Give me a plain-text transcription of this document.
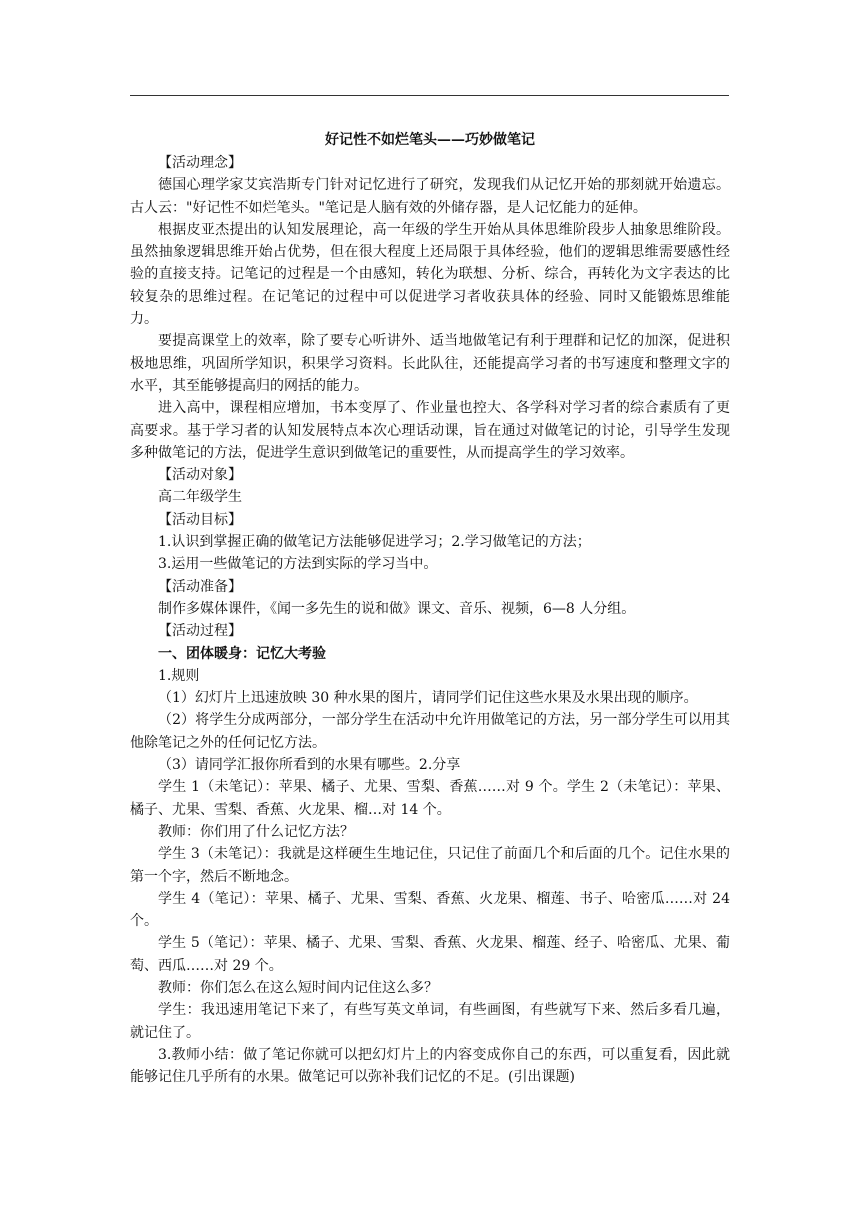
好记性不如烂笔头——巧妙做笔记

【活动理念】

德国心理学家艾宾浩斯专门针对记忆进行了研究，发现我们从记忆开始的那刻就开始遗忘。古人云："好记性不如烂笔头。"笔记是人脑有效的外储存器，是人记忆能力的延伸。

根据皮亚杰提出的认知发展理论，高一年级的学生开始从具体思维阶段步人抽象思维阶段。虽然抽象逻辑思维开始占优势，但在很大程度上还局限于具体经验，他们的逻辑思维需要感性经验的直接支持。记笔记的过程是一个由感知，转化为联想、分析、综合，再转化为文字表达的比较复杂的思维过程。在记笔记的过程中可以促进学习者收获具体的经验、同时又能锻炼思维能力。

要提高课堂上的效率，除了要专心听讲外、适当地做笔记有利于理群和记忆的加深，促进积极地思维，巩固所学知识，积果学习资料。长此队往，还能提高学习者的书写速度和整理文字的水平，其至能够提高归的网括的能力。

进入高中，课程相应增加，书本变厚了、作业量也控大、各学科对学习者的综合素质有了更高要求。基于学习者的认知发展特点本次心理话动课，旨在通过对做笔记的讨论，引导学生发现多种做笔记的方法，促进学生意识到做笔记的重要性，从而提高学生的学习效率。

【活动对象】

高二年级学生

【活动目标】

1.认识到掌握正确的做笔记方法能够促进学习；2.学习做笔记的方法；

3.运用一些做笔记的方法到实际的学习当中。

【活动准备】

制作多媒体课件，《闻一多先生的说和做》课文、音乐、视频，6—8 人分组。

【活动过程】

一、团体暖身：记忆大考验

1.规则

（1）幻灯片上迅速放映 30 种水果的图片，请同学们记住这些水果及水果出现的顺序。

（2）将学生分成两部分，一部分学生在活动中允许用做笔记的方法，另一部分学生可以用其他除笔记之外的任何记忆方法。

（3）请同学汇报你所看到的水果有哪些。2.分享

学生 1（未笔记）：苹果、橘子、尤果、雪梨、香蕉……对 9 个。学生 2（未笔记）：苹果、橘子、尤果、雪梨、香蕉、火龙果、榴…对 14 个。

教师：你们用了什么记忆方法？

学生 3（未笔记）：我就是这样硬生生地记住，只记住了前面几个和后面的几个。记住水果的第一个字，然后不断地念。

学生 4（笔记）：苹果、橘子、尤果、雪梨、香蕉、火龙果、榴莲、书子、哈密瓜……对 24 个。

学生 5（笔记）：苹果、橘子、尤果、雪梨、香蕉、火龙果、榴莲、经子、哈密瓜、尤果、葡萄、西瓜……对 29 个。

教师：你们怎么在这么短时间内记住这么多？

学生：我迅速用笔记下来了，有些写英文单词，有些画图，有些就写下来、然后多看几遍，就记住了。

3.教师小结：做了笔记你就可以把幻灯片上的内容变成你自己的东西，可以重复看，因此就能够记住几乎所有的水果。做笔记可以弥补我们记忆的不足。(引出课题)
